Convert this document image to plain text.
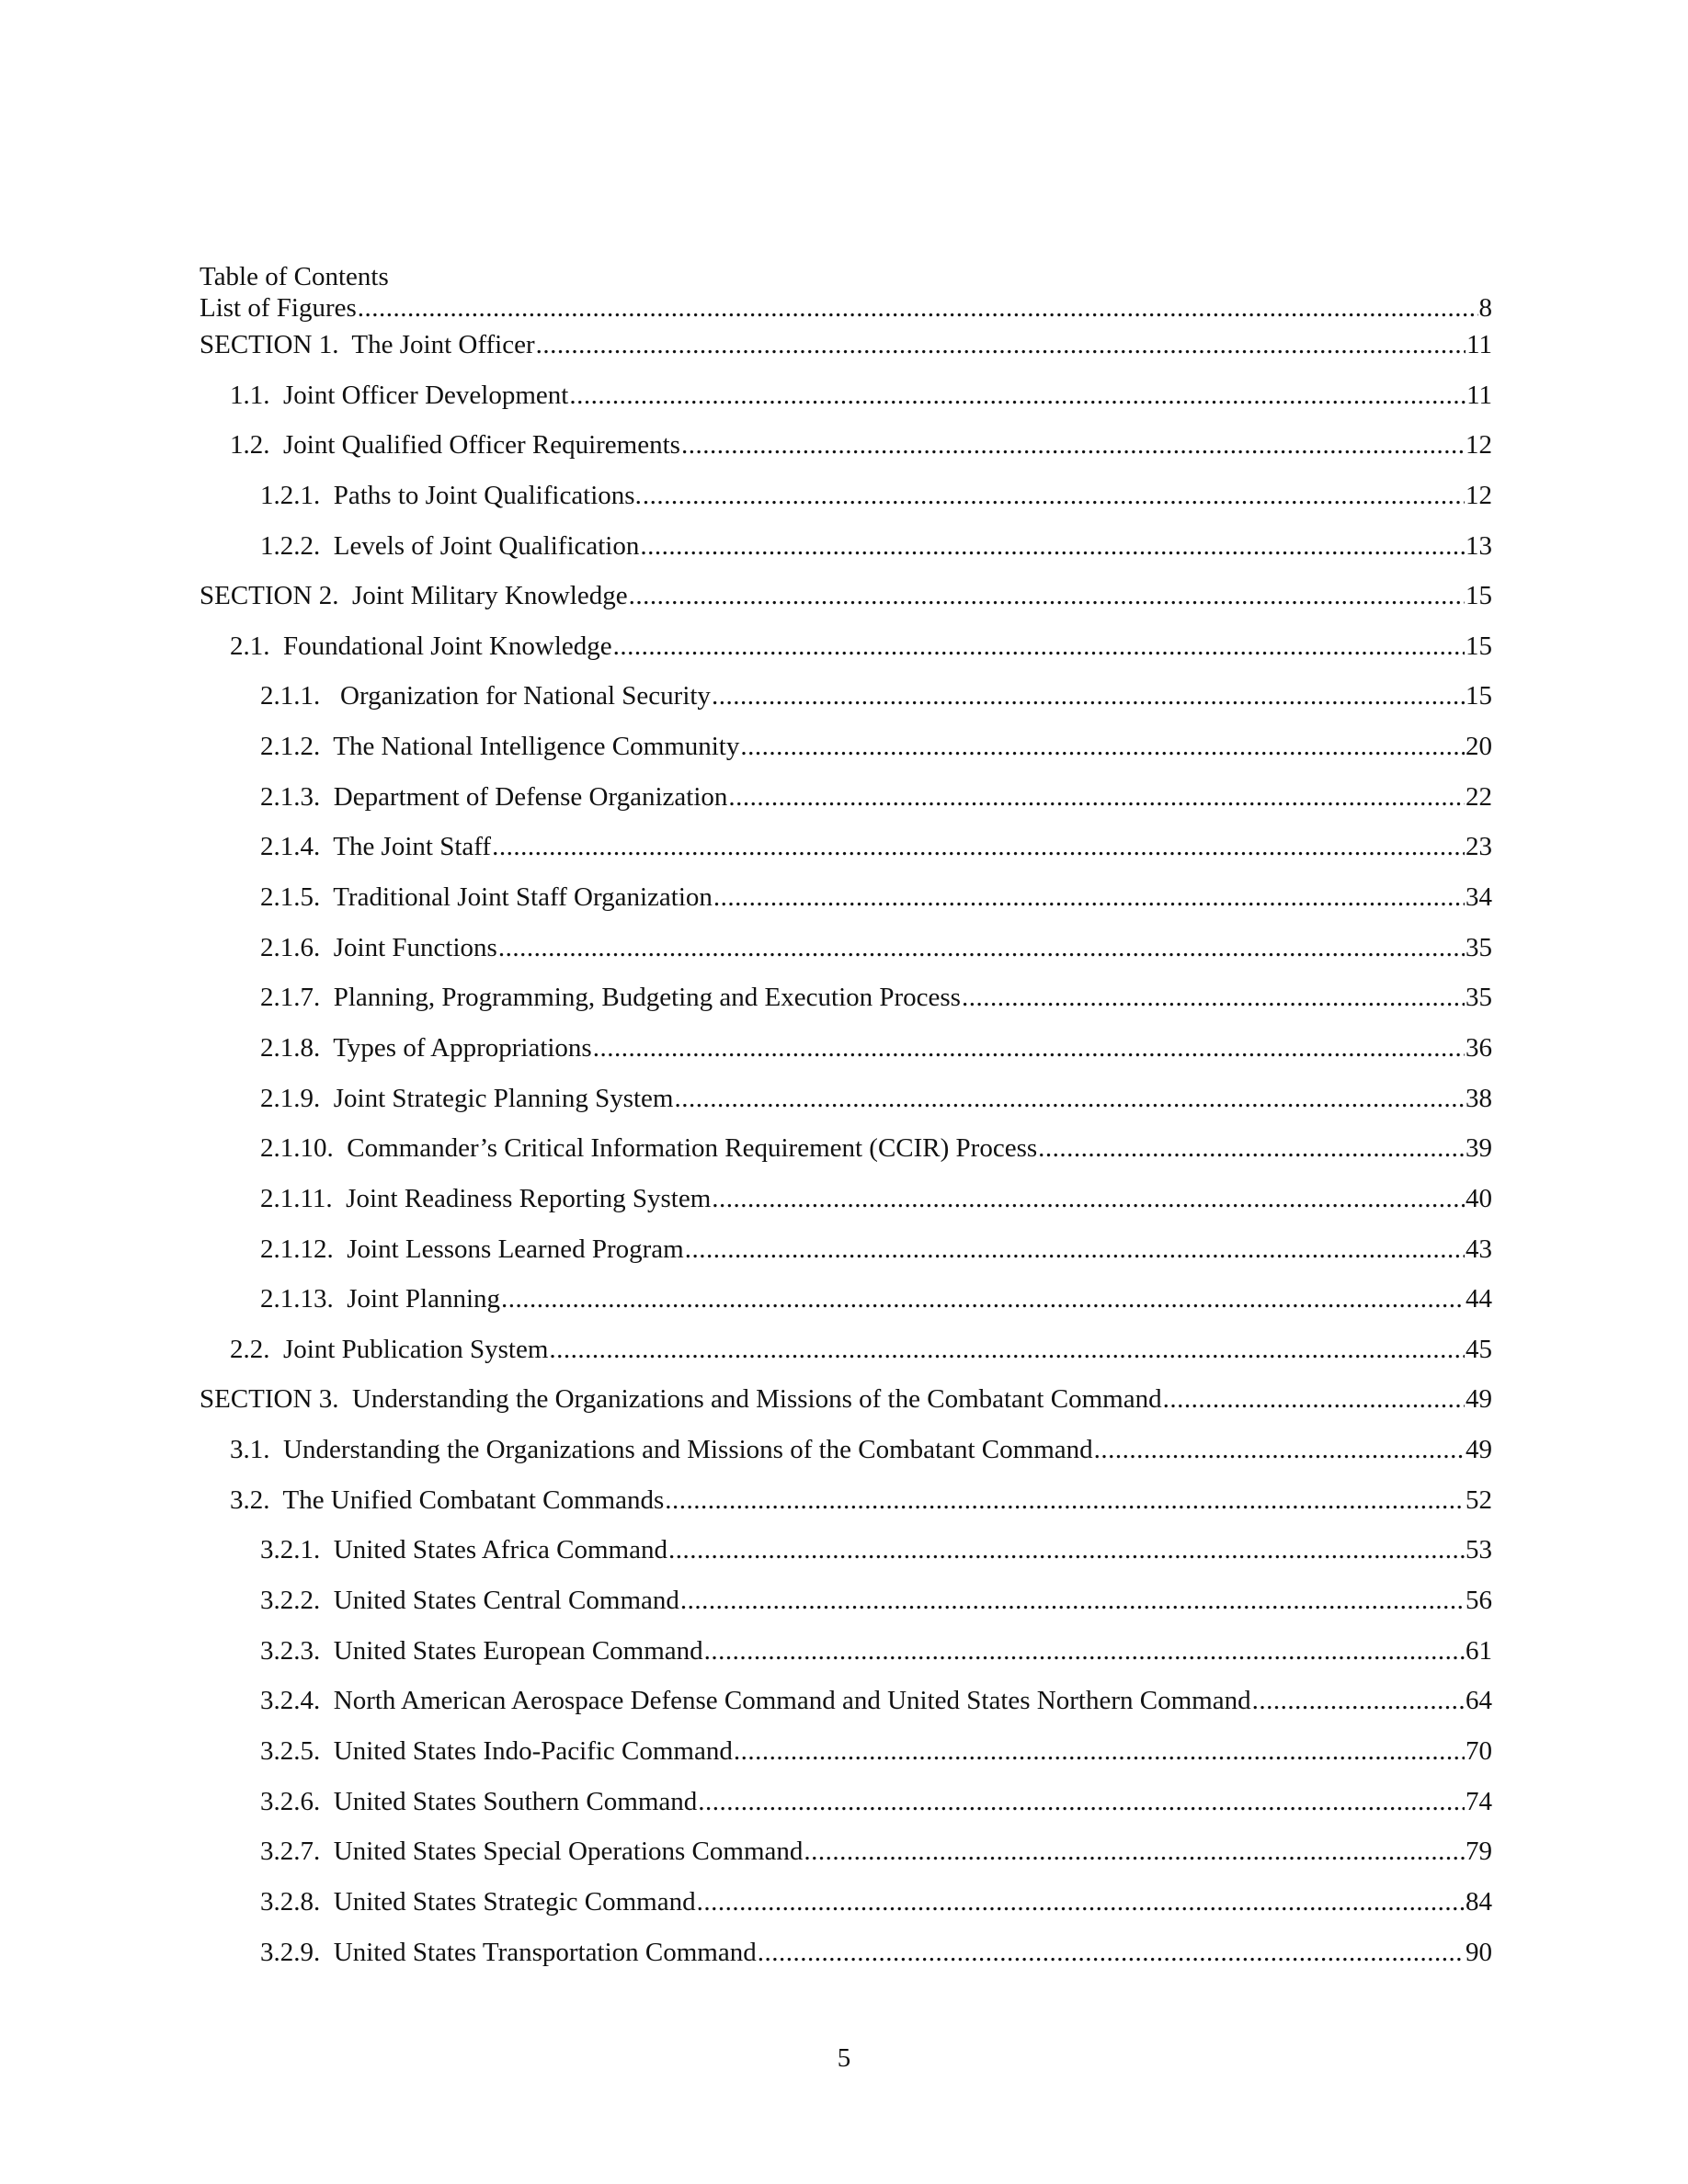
Table of Contents
List of Figures .....	8
SECTION 1.  The Joint Officer .....	11
1.1.  Joint Officer Development .....	11
1.2.  Joint Qualified Officer Requirements .....	12
1.2.1.  Paths to Joint Qualifications. .....	12
1.2.2.  Levels of Joint Qualification .....	13
SECTION 2.  Joint Military Knowledge .....	15
2.1.  Foundational Joint Knowledge .....	15
2.1.1.   Organization for National Security .....	15
2.1.2.  The National Intelligence Community .....	20
2.1.3.  Department of Defense Organization .....	22
2.1.4.  The Joint Staff .....	23
2.1.5.  Traditional Joint Staff Organization .....	34
2.1.6.  Joint Functions .....	35
2.1.7.  Planning, Programming, Budgeting and Execution Process .....	35
2.1.8.  Types of Appropriations .....	36
2.1.9.  Joint Strategic Planning System .....	38
2.1.10.  Commander’s Critical Information Requirement (CCIR) Process .....	39
2.1.11.  Joint Readiness Reporting System .....	40
2.1.12.  Joint Lessons Learned Program .....	43
2.1.13.  Joint Planning .....	44
2.2.  Joint Publication System .....	45
SECTION 3.  Understanding the Organizations and Missions of the Combatant Command .....	49
3.1.  Understanding the Organizations and Missions of the Combatant Command .....	49
3.2.  The Unified Combatant Commands .....	52
3.2.1.  United States Africa Command .....	53
3.2.2.  United States Central Command .....	56
3.2.3.  United States European Command .....	61
3.2.4.  North American Aerospace Defense Command and United States Northern Command .....	64
3.2.5.  United States Indo-Pacific Command .....	70
3.2.6.  United States Southern Command .....	74
3.2.7.  United States Special Operations Command .....	79
3.2.8.  United States Strategic Command .....	84
3.2.9.  United States Transportation Command .....	90
5
